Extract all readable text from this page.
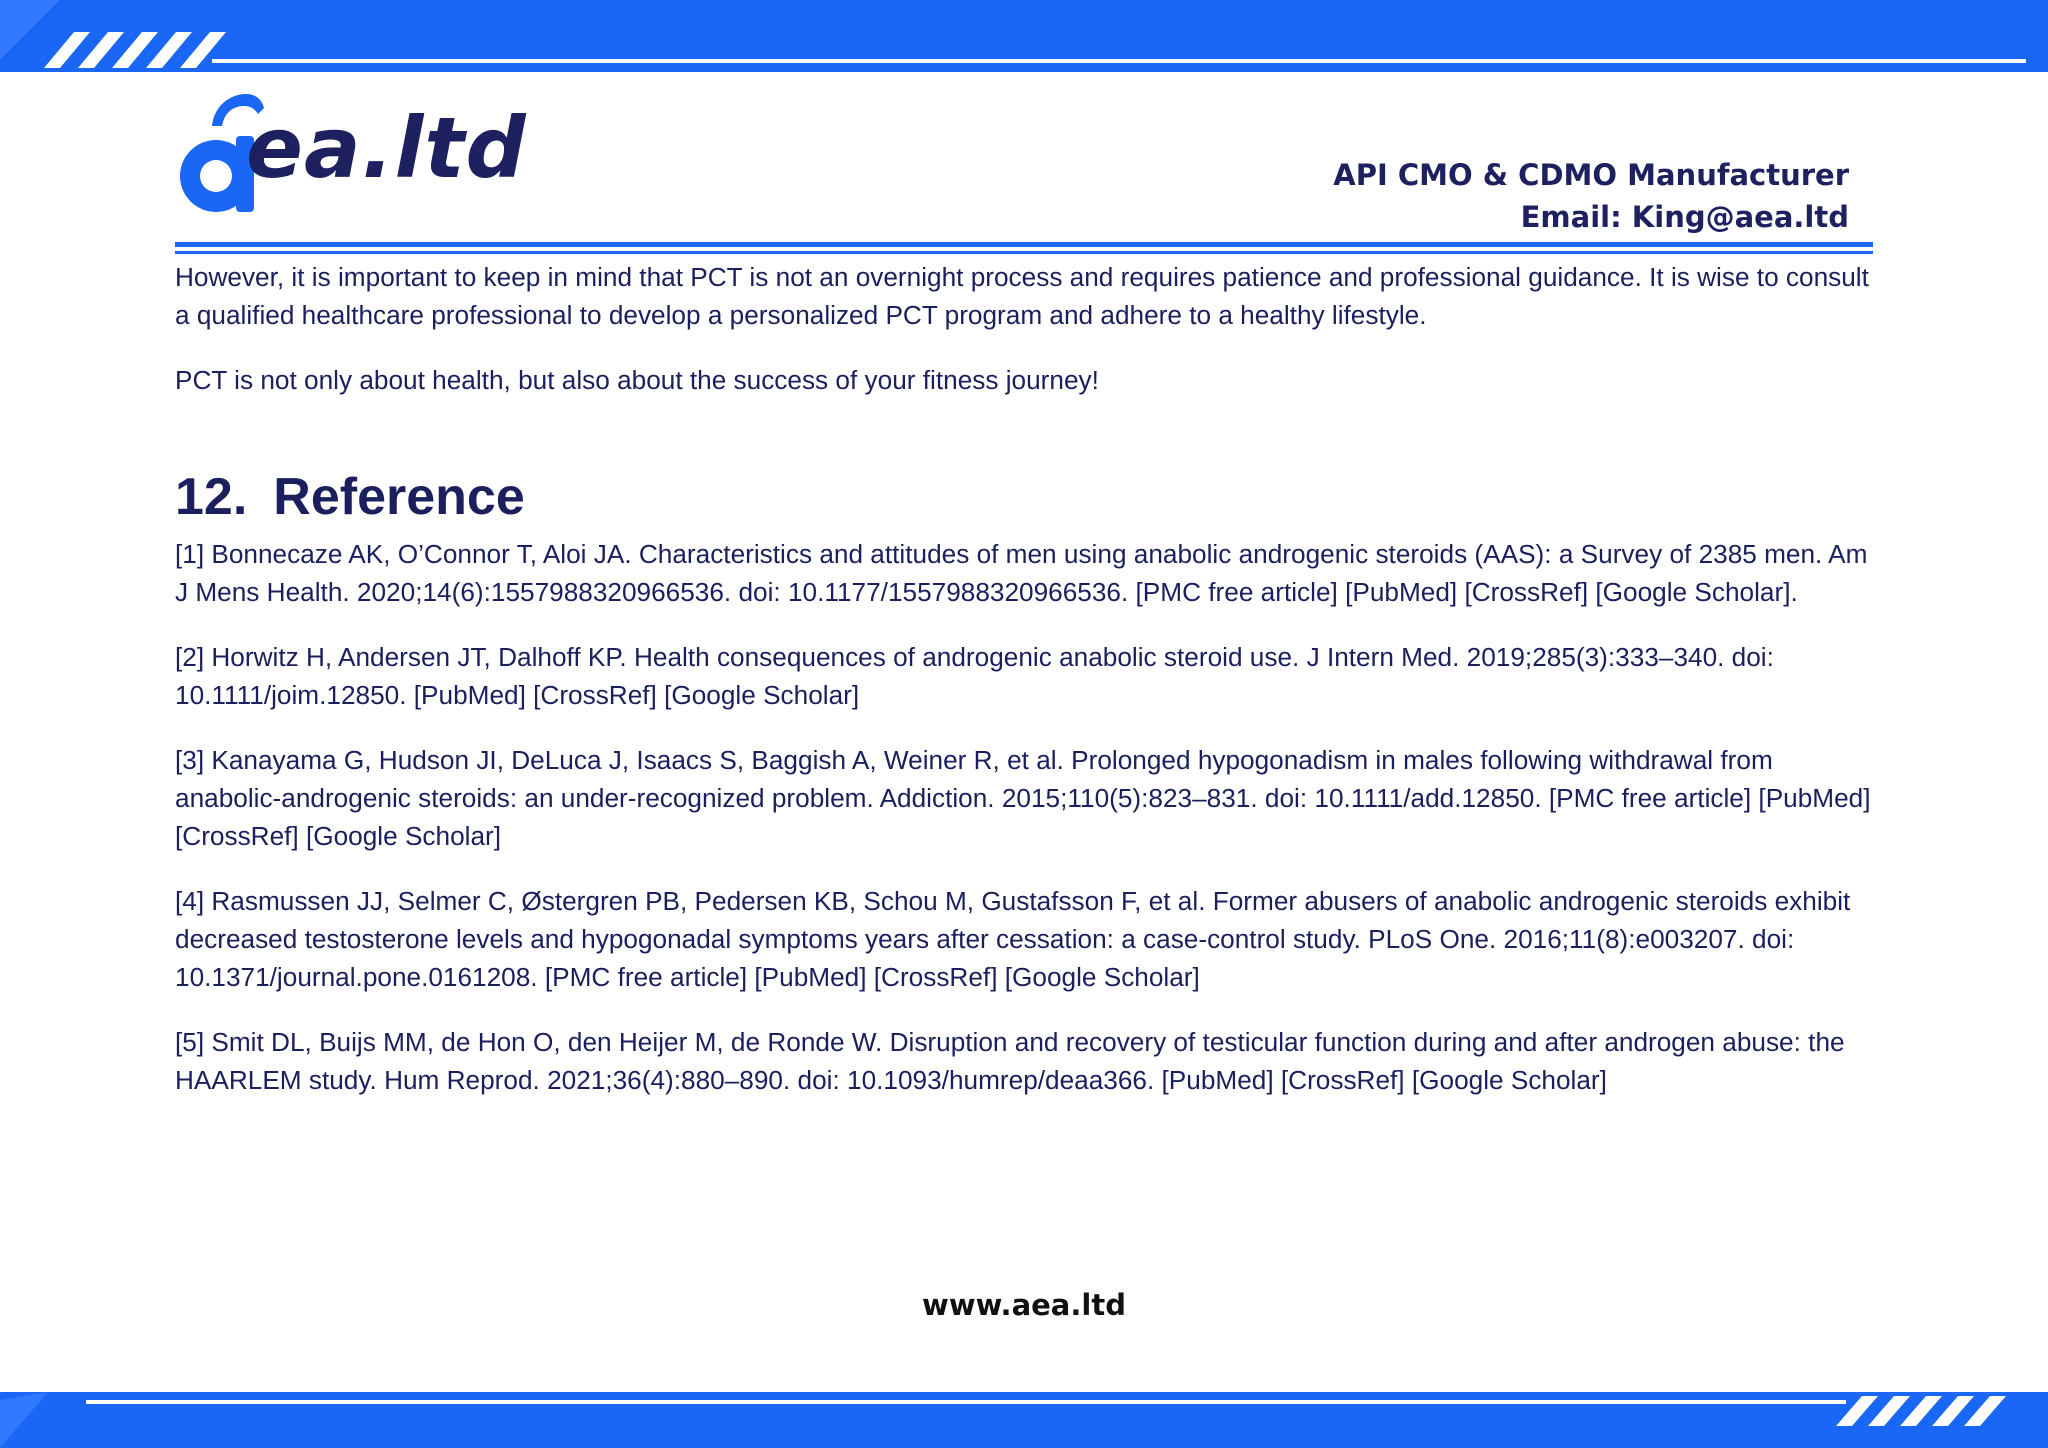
ea.ltd	API CMO & CDMO Manufacturer
Email: King@aea.ltd

However, it is important to keep in mind that PCT is not an overnight process and requires patience and professional guidance. It is wise to consult a qualified healthcare professional to develop a personalized PCT program and adhere to a healthy lifestyle.

PCT is not only about health, but also about the success of your fitness journey!

12. Reference

[1] Bonnecaze AK, O’Connor T, Aloi JA. Characteristics and attitudes of men using anabolic androgenic steroids (AAS): a Survey of 2385 men. Am J Mens Health. 2020;14(6):1557988320966536. doi: 10.1177/1557988320966536. [PMC free article] [PubMed] [CrossRef] [Google Scholar].

[2] Horwitz H, Andersen JT, Dalhoff KP. Health consequences of androgenic anabolic steroid use. J Intern Med. 2019;285(3):333–340. doi: 10.1111/joim.12850. [PubMed] [CrossRef] [Google Scholar]

[3] Kanayama G, Hudson JI, DeLuca J, Isaacs S, Baggish A, Weiner R, et al. Prolonged hypogonadism in males following withdrawal from anabolic-androgenic steroids: an under-recognized problem. Addiction. 2015;110(5):823–831. doi: 10.1111/add.12850. [PMC free article] [PubMed] [CrossRef] [Google Scholar]

[4] Rasmussen JJ, Selmer C, Østergren PB, Pedersen KB, Schou M, Gustafsson F, et al. Former abusers of anabolic androgenic steroids exhibit decreased testosterone levels and hypogonadal symptoms years after cessation: a case-control study. PLoS One. 2016;11(8):e003207. doi: 10.1371/journal.pone.0161208. [PMC free article] [PubMed] [CrossRef] [Google Scholar]

[5] Smit DL, Buijs MM, de Hon O, den Heijer M, de Ronde W. Disruption and recovery of testicular function during and after androgen abuse: the HAARLEM study. Hum Reprod. 2021;36(4):880–890. doi: 10.1093/humrep/deaa366. [PubMed] [CrossRef] [Google Scholar]

www.aea.ltd
